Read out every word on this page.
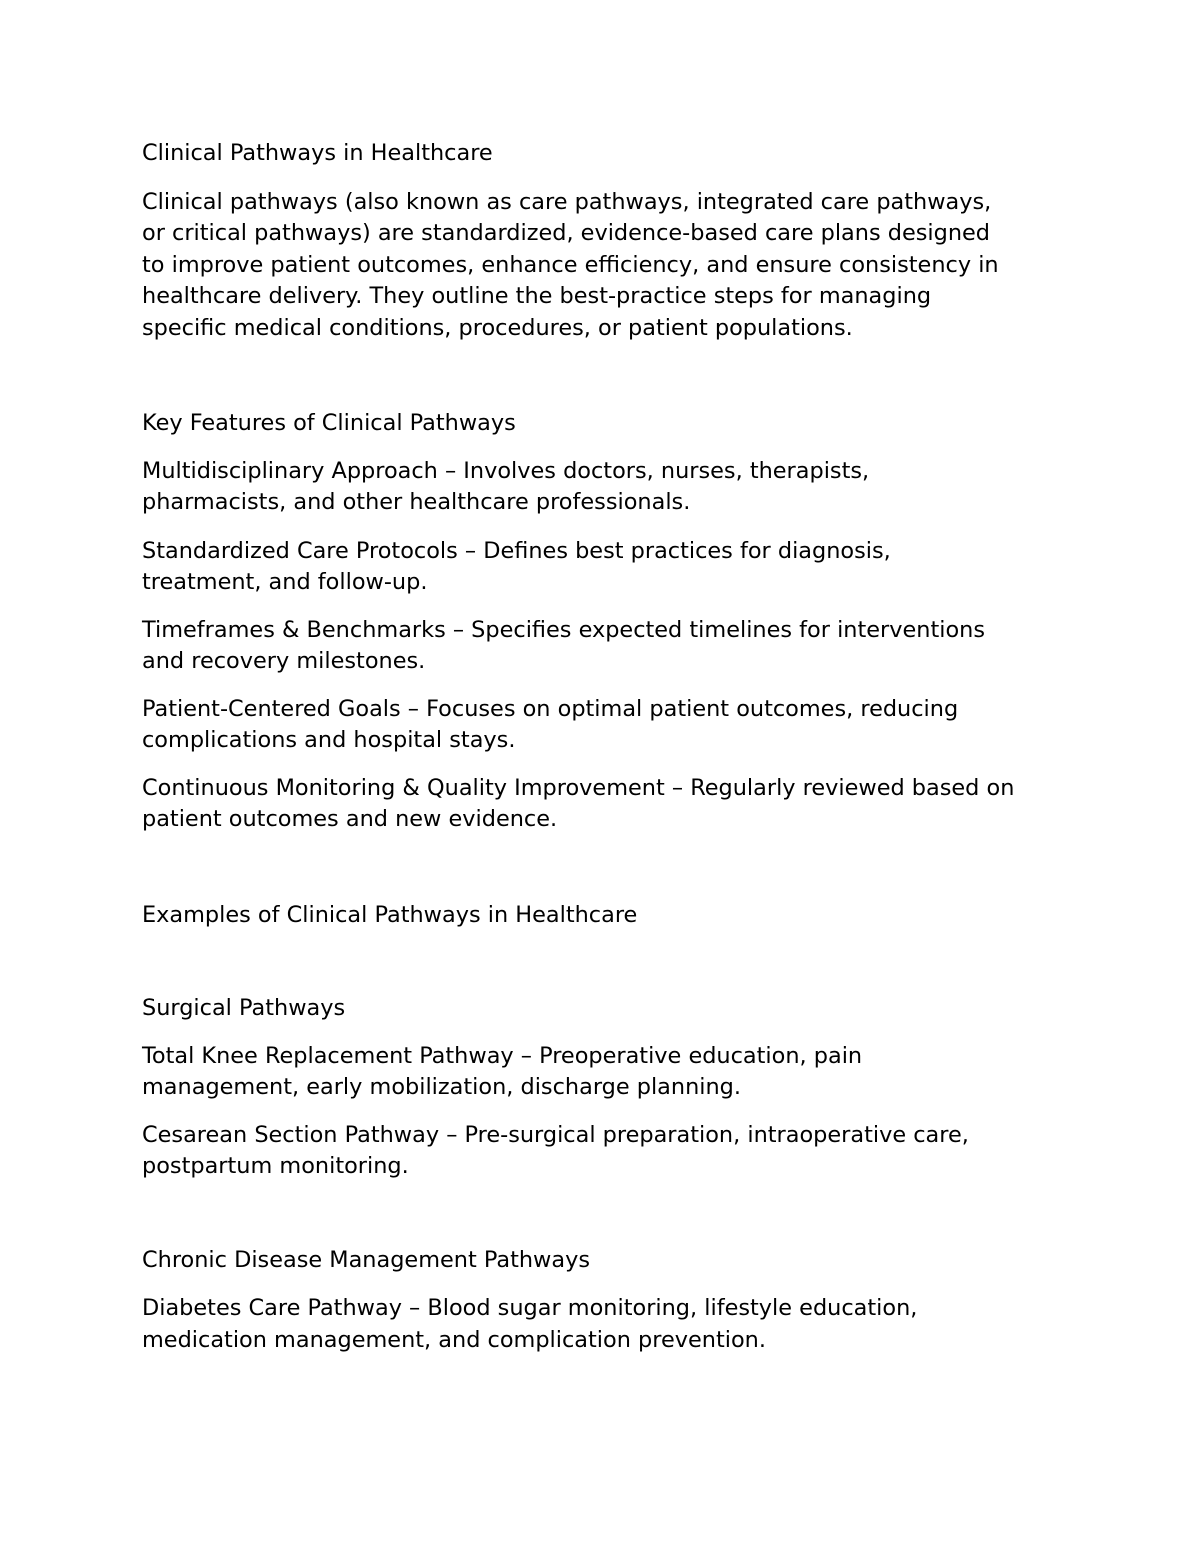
Clinical Pathways in Healthcare

Clinical pathways (also known as care pathways, integrated care pathways,
or critical pathways) are standardized, evidence-based care plans designed
to improve patient outcomes, enhance efficiency, and ensure consistency in
healthcare delivery. They outline the best-practice steps for managing
specific medical conditions, procedures, or patient populations.

Key Features of Clinical Pathways

Multidisciplinary Approach – Involves doctors, nurses, therapists,
pharmacists, and other healthcare professionals.

Standardized Care Protocols – Defines best practices for diagnosis,
treatment, and follow-up.

Timeframes & Benchmarks – Specifies expected timelines for interventions
and recovery milestones.

Patient-Centered Goals – Focuses on optimal patient outcomes, reducing
complications and hospital stays.

Continuous Monitoring & Quality Improvement – Regularly reviewed based on
patient outcomes and new evidence.

Examples of Clinical Pathways in Healthcare

Surgical Pathways

Total Knee Replacement Pathway – Preoperative education, pain
management, early mobilization, discharge planning.

Cesarean Section Pathway – Pre-surgical preparation, intraoperative care,
postpartum monitoring.

Chronic Disease Management Pathways

Diabetes Care Pathway – Blood sugar monitoring, lifestyle education,
medication management, and complication prevention.
